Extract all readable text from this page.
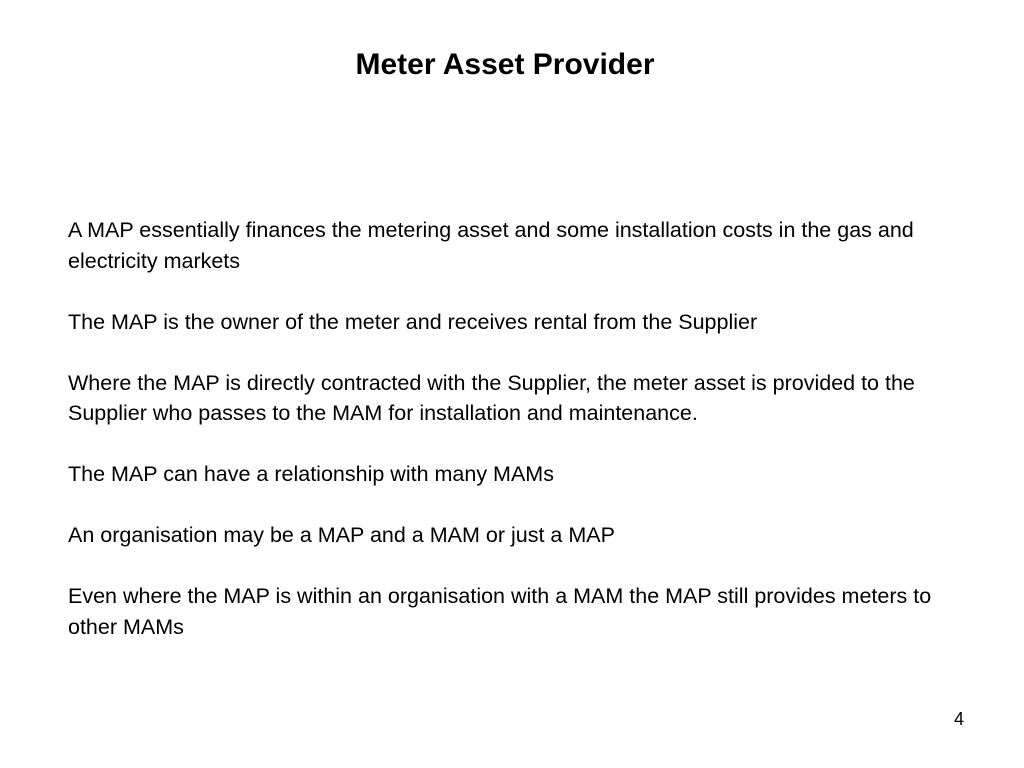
Meter Asset Provider

A MAP essentially finances the metering asset and some installation costs in the gas and electricity markets

The MAP is the owner of the meter and receives rental from the Supplier

Where the MAP is directly contracted with the Supplier, the meter asset is provided to the Supplier who passes to the MAM for installation and maintenance.

The MAP can have a relationship with many MAMs

An organisation may be a MAP and a MAM or just a MAP

Even where the MAP is within an organisation with a MAM the MAP still provides meters to other MAMs

4
